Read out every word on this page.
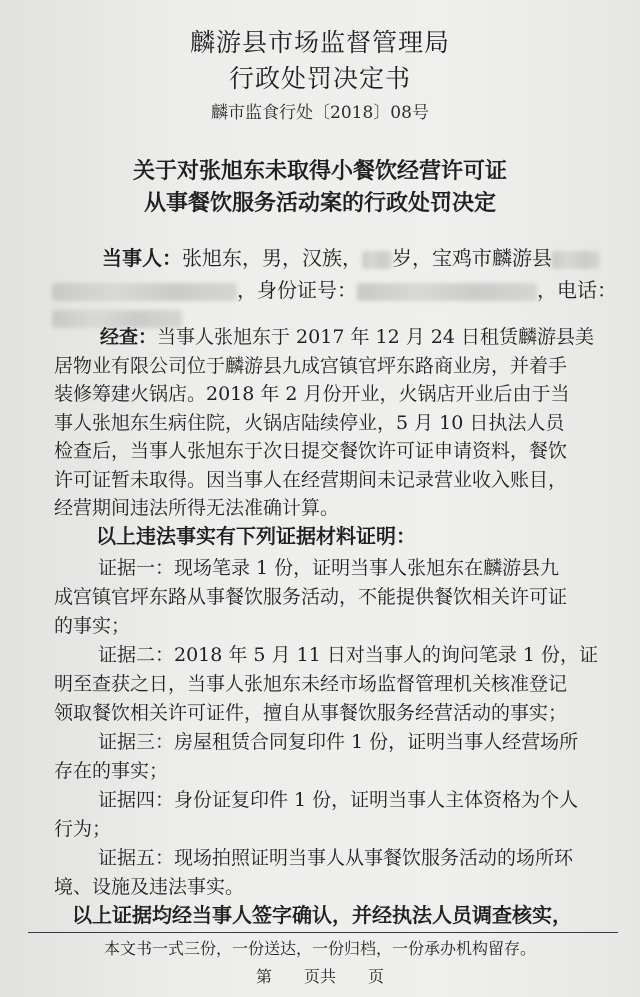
麟游县市场监督管理局
行政处罚决定书
麟市监食行处〔2018〕08号
关于对张旭东未取得小餐饮经营许可证
从事餐饮服务活动案的行政处罚决定
当事人：张旭东，男，汉族， 岁，宝鸡市麟游县
，身份证号：	，电话：
经查：当事人张旭东于 2017 年 12 月 24 日租赁麟游县美
居物业有限公司位于麟游县九成宫镇官坪东路商业房，并着手
装修筹建火锅店。2018 年 2 月份开业，火锅店开业后由于当
事人张旭东生病住院，火锅店陆续停业，5 月 10 日执法人员
检查后，当事人张旭东于次日提交餐饮许可证申请资料，餐饮
许可证暂未取得。因当事人在经营期间未记录营业收入账目，
经营期间违法所得无法准确计算。
以上违法事实有下列证据材料证明：
证据一：现场笔录 1 份，证明当事人张旭东在麟游县九
成宫镇官坪东路从事餐饮服务活动，不能提供餐饮相关许可证
的事实；
证据二：2018 年 5 月 11 日对当事人的询问笔录 1 份，证
明至查获之日，当事人张旭东未经市场监督管理机关核准登记
领取餐饮相关许可证件，擅自从事餐饮服务经营活动的事实；
证据三：房屋租赁合同复印件 1 份，证明当事人经营场所
存在的事实；
证据四：身份证复印件 1 份，证明当事人主体资格为个人
行为；
证据五：现场拍照证明当事人从事餐饮服务活动的场所环
境、设施及违法事实。
以上证据均经当事人签字确认，并经执法人员调查核实，
本文书一式三份，一份送达，一份归档，一份承办机构留存。
第　　页共　　页
